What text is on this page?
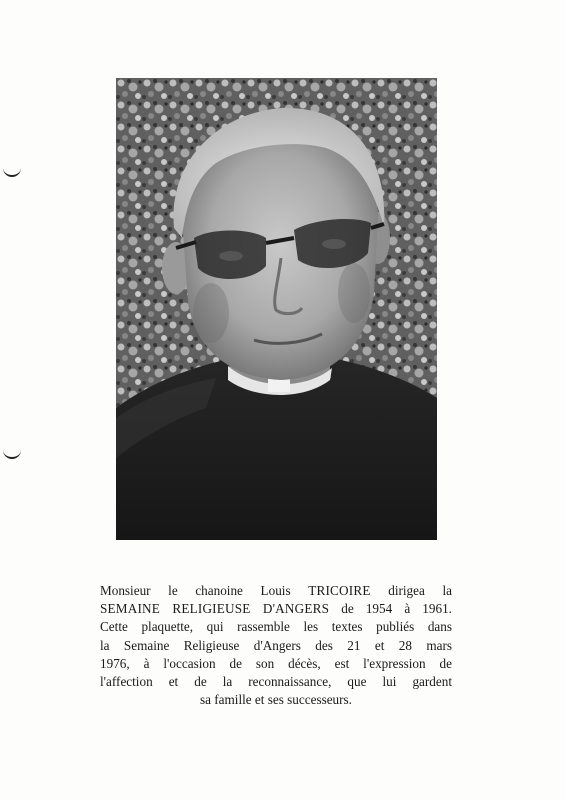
Monsieur le chanoine Louis TRICOIRE dirigea la
SEMAINE RELIGIEUSE D'ANGERS de 1954 à 1961.
Cette plaquette, qui rassemble les textes publiés dans
la Semaine Religieuse d'Angers des 21 et 28 mars
1976, à l'occasion de son décès, est l'expression de
l'affection et de la reconnaissance, que lui gardent
sa famille et ses successeurs.
